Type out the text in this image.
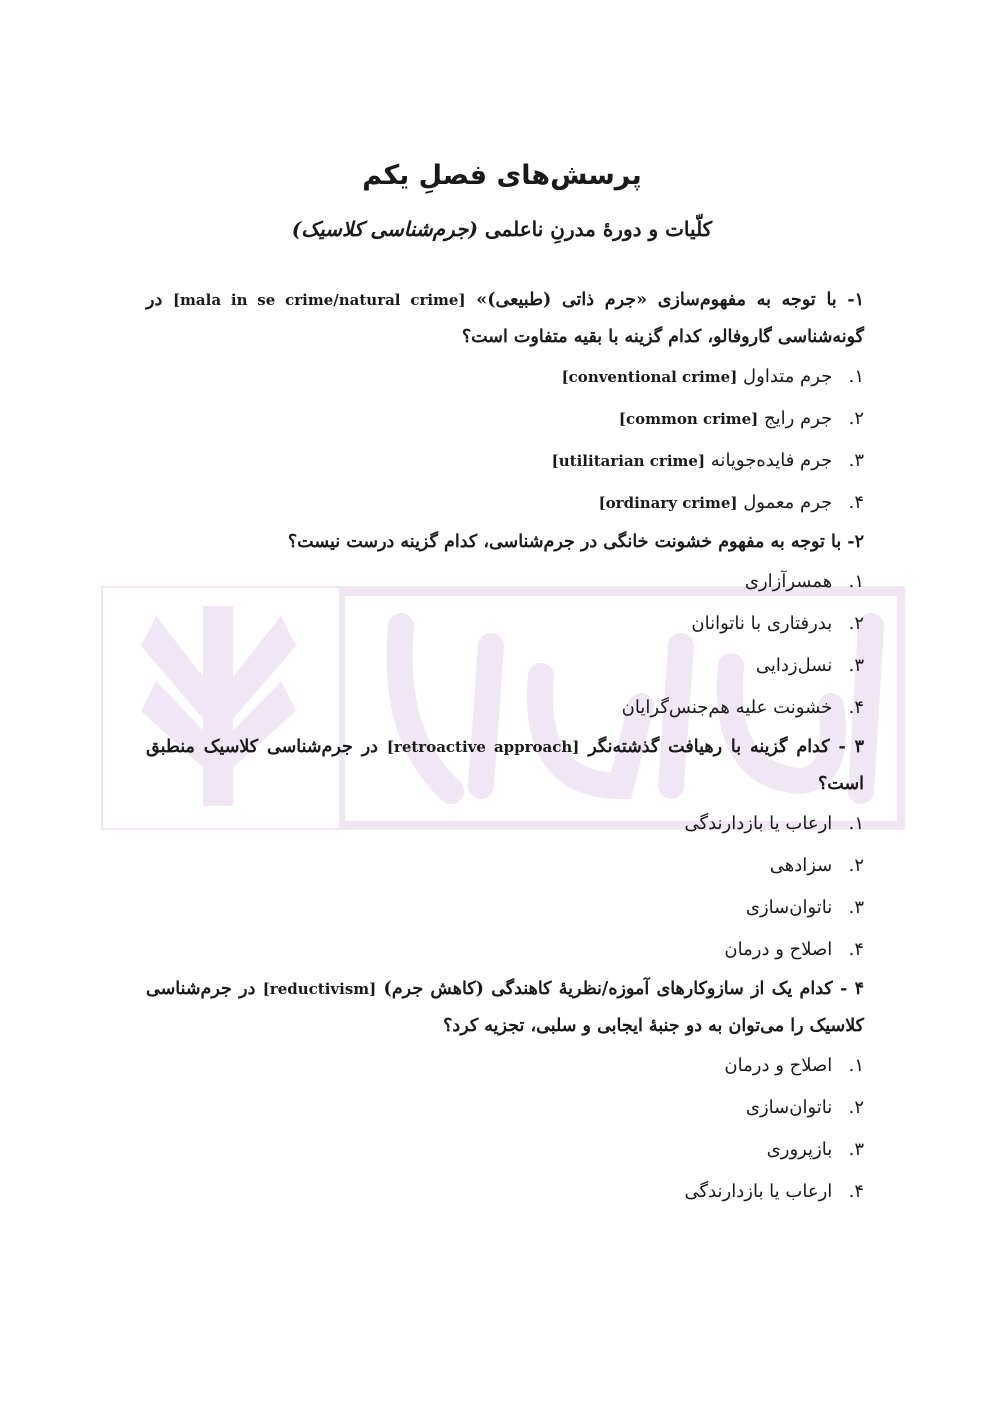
پرسش‌های فصلِ یکم
کلّیات و دورهٔ مدرنِ ناعلمی (جرم‌شناسی کلاسیک)
۱- با توجه به مفهوم‌سازی «جرم ذاتی (طبیعی)» [mala in se crime/natural crime] در گونه‌شناسی گاروفالو، کدام گزینه با بقیه متفاوت است؟
۱. جرم متداول [conventional crime]
۲. جرم رایج [common crime]
۳. جرم فایده‌جویانه [utilitarian crime]
۴. جرم معمول [ordinary crime]
۲- با توجه به مفهوم خشونت خانگی در جرم‌شناسی، کدام گزینه درست نیست؟
۱. همسرآزاری
۲. بدرفتاری با ناتوانان
۳. نسل‌زدایی
۴. خشونت علیه هم‌جنس‌گرایان
۳ - کدام گزینه با رهیافت گذشته‌نگر [retroactive approach] در جرم‌شناسی کلاسیک منطبق است؟
۱. ارعاب یا بازدارندگی
۲. سزادهی
۳. ناتوان‌سازی
۴. اصلاح و درمان
۴ - کدام یک از سازوکارهای آموزه/نظریهٔ کاهندگی (کاهش جرم) [reductivism] در جرم‌شناسی کلاسیک را می‌توان به دو جنبهٔ ایجابی و سلبی، تجزیه کرد؟
۱. اصلاح و درمان
۲. ناتوان‌سازی
۳. بازپروری
۴. ارعاب یا بازدارندگی
